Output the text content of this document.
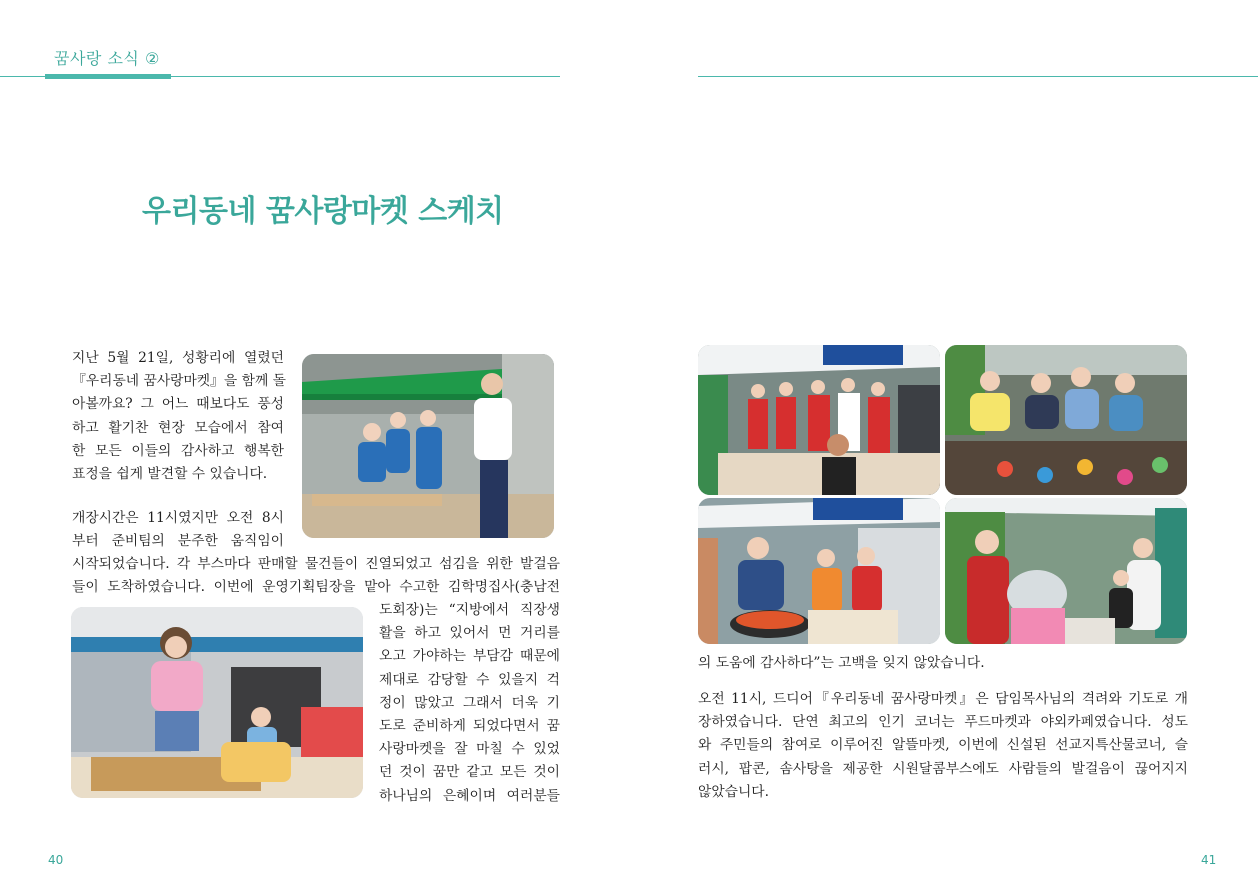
꿈사랑 소식 ②
우리동네 꿈사랑마켓 스케치
지난 5월 21일, 성황리에 열렸던
『우리동네 꿈사랑마켓』을 함께 돌
아볼까요? 그 어느 때보다도 풍성
하고 활기찬 현장 모습에서 참여
한 모든 이들의 감사하고 행복한
표정을 쉽게 발견할 수 있습니다.
개장시간은 11시였지만 오전 8시
부터 준비팀의 분주한 움직임이
시작되었습니다. 각 부스마다 판매할 물건들이 진열되었고 섬김을 위한 발걸음
들이 도착하였습니다. 이번에 운영기획팀장을 맡아 수고한 김학명집사(충남전
도회장)는 “지방에서 직장생
활을 하고 있어서 먼 거리를
오고 가야하는 부담감 때문에
제대로 감당할 수 있을지 걱
정이 많았고 그래서 더욱 기
도로 준비하게 되었다면서 꿈
사랑마켓을 잘 마칠 수 있었
던 것이 꿈만 같고 모든 것이
하나님의 은혜이며 여러분들
의 도움에 감사하다”는 고백을 잊지 않았습니다.
오전 11시, 드디어『우리동네 꿈사랑마켓』은 담임목사님의 격려와 기도로 개
장하였습니다. 단연 최고의 인기 코너는 푸드마켓과 야외카페였습니다. 성도
와 주민들의 참여로 이루어진 알뜰마켓, 이번에 신설된 선교지특산물코너, 슬
러시, 팝콘, 솜사탕을 제공한 시원달콤부스에도 사람들의 발걸음이 끊어지지
않았습니다.
40	41
